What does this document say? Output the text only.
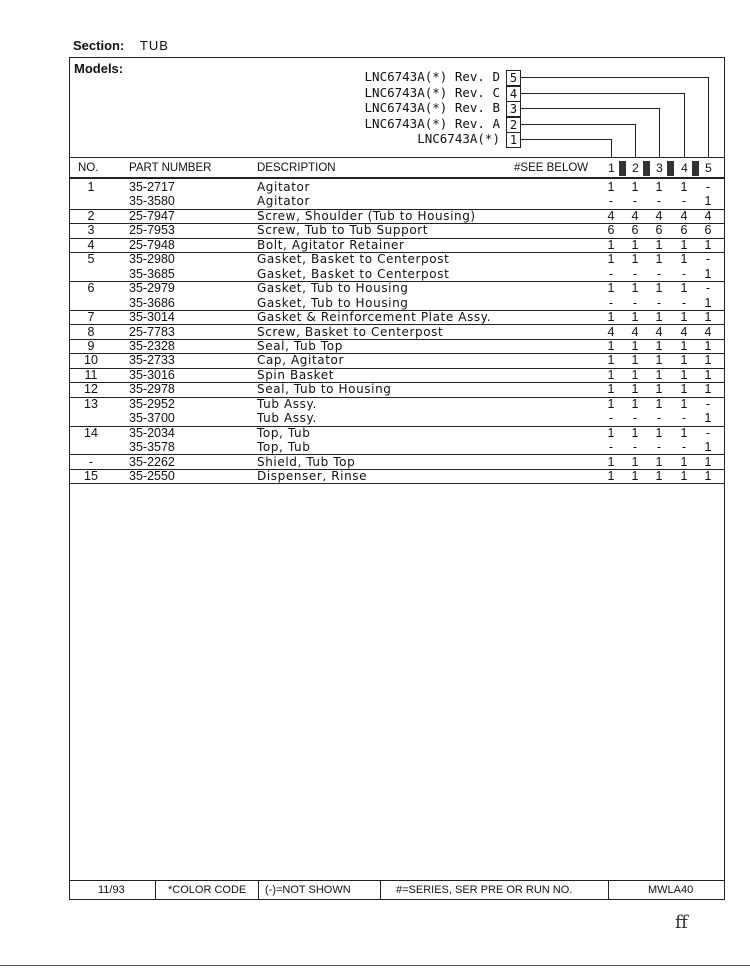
Section: TUB
Models:
LNC6743A(*) Rev. D 5
LNC6743A(*) Rev. C 4
LNC6743A(*) Rev. B 3
LNC6743A(*) Rev. A 2
LNC6743A(*) 1
NO.	PART NUMBER	DESCRIPTION	#SEE BELOW	1	2	3	4	5
1	35-2717	Agitator	1 1 1 1	-
35-3580	Agitator	-	-	-	-	1
2	25-7947	Screw, Shoulder (Tub to Housing)	4 4 4 4 4
3	25-7953	Screw, Tub to Tub Support	6 6 6 6 6
4	25-7948	Bolt, Agitator Retainer	1 1 1 1 1
5	35-2980	Gasket, Basket to Centerpost	1 1 1 1	-
35-3685	Gasket, Basket to Centerpost	-	-	-	-	1
6	35-2979	Gasket, Tub to Housing	1 1 1 1	-
35-3686	Gasket, Tub to Housing	-	-	-	-	1
7	35-3014	Gasket & Reinforcement Plate Assy.	1 1 1 1 1
8	25-7783	Screw, Basket to Centerpost	4 4 4 4 4
9	35-2328	Seal, Tub Top	1 1 1 1 1
10	35-2733	Cap, Agitator	1 1 1 1 1
11	35-3016	Spin Basket	1 1 1 1 1
12	35-2978	Seal, Tub to Housing	1 1 1 1 1
13	35-2952	Tub Assy.	1 1 1 1	-
35-3700	Tub Assy.	-	-	-	-	1
14	35-2034	Top, Tub	1 1 1 1	-
35-3578	Top, Tub	-	-	-	-	1
-	35-2262	Shield, Tub Top	1 1 1 1 1
15	35-2550	Dispenser, Rinse	1 1 1 1 1
11/93	*COLOR CODE (-)=NOT SHOWN	#=SERIES, SER PRE OR RUN NO.	MWLA40
ff
